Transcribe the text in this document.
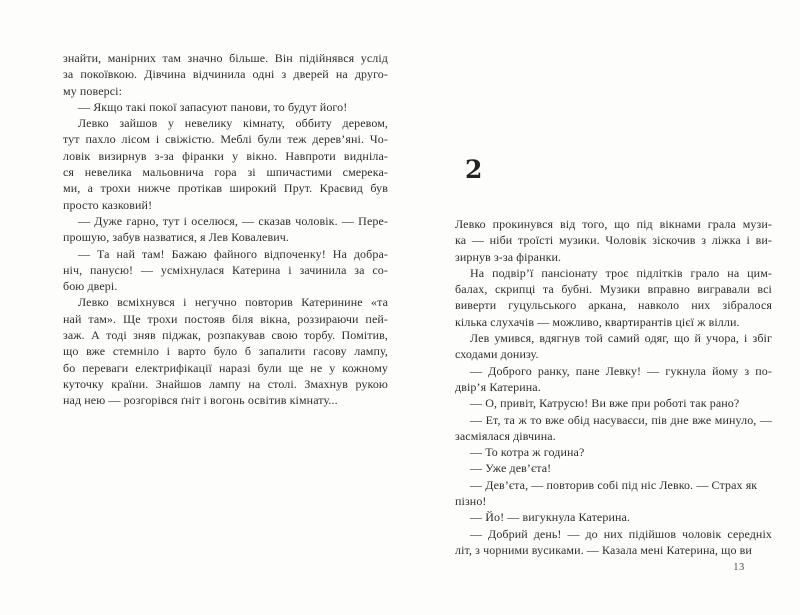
знайти, манірних там значно більше. Він підійнявся услід
за покоївкою. Дівчина відчинила одні з дверей на друго-
му поверсі:
— Якщо такі покої запасуют панови, то будут його!
Левко зайшов у невелику кімнату, оббиту деревом,
тут пахло лісом і свіжістю. Меблі були теж дерев’яні. Чо-
ловік визирнув з-за фіранки у вікно. Навпроти видніла-
ся невелика мальовнича гора зі шпичастими смерека-
ми, а трохи нижче протікав широкий Прут. Краєвид був
просто казковий!
— Дуже гарно, тут і оселюся, — сказав чоловік. — Пере-
прошую, забув назватися, я Лев Ковалевич.
— Та най там! Бажаю файного відпоченку! На добра-
ніч, панусю! — усміхнулася Катерина і зачинила за со-
бою двері.
Левко всміхнувся і негучно повторив Катеринине «та
най там». Ще трохи постояв біля вікна, роззираючи пей-
заж. А тоді зняв піджак, розпакував свою торбу. Помітив,
що вже стемніло і варто було б запалити гасову лампу,
бо переваги електрифікації наразі були ще не у кожному
куточку країни. Знайшов лампу на столі. Змахнув рукою
над нею — розгорівся ґніт і вогонь освітив кімнату...
2
Левко прокинувся від того, що під вікнами грала музи-
ка — ніби троїсті музики. Чоловік зіскочив з ліжка і ви-
зирнув з-за фіранки.
На подвір’ї пансіонату троє підлітків грало на цим-
балах, скрипці та бубні. Музики вправно вигравали всі
виверти гуцульського аркана, навколо них зібралося
кілька слухачів — можливо, квартирантів цієї ж вілли.
Лев умився, вдягнув той самий одяг, що й учора, і збіг
сходами донизу.
— Доброго ранку, пане Левку! — гукнула йому з по-
двір’я Катерина.
— О, привіт, Катрусю! Ви вже при роботі так рано?
— Ет, та ж то вже обід насуваєси, пів дне вже минуло, —
засміялася дівчина.
— То котра ж година?
— Уже дев’єта!
— Дев’єта, — повторив собі під ніс Левко. — Страх як пізно!
— Йо! — вигукнула Катерина.
— Добрий день! — до них підійшов чоловік середніх
літ, з чорними вусиками. — Казала мені Катерина, що ви
13
